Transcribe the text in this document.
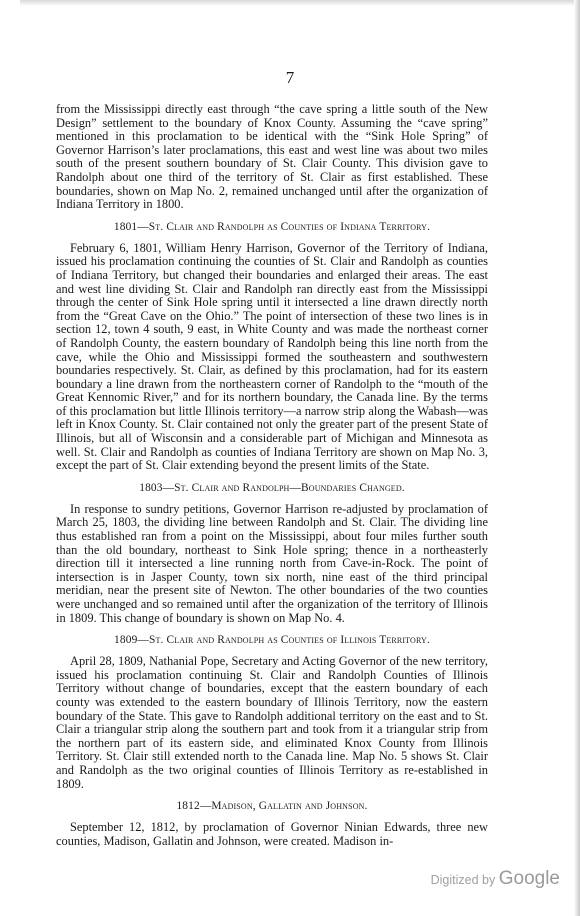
7

from the Mississippi directly east through “the cave spring a little south of the New Design” settlement to the boundary of Knox County. Assuming the “cave spring” mentioned in this proclamation to be identical with the “Sink Hole Spring” of Governor Harrison’s later proclamations, this east and west line was about two miles south of the present southern boundary of St. Clair County. This division gave to Randolph about one third of the territory of St. Clair as first established. These boundaries, shown on Map No. 2, remained unchanged until after the organization of Indiana Territory in 1800.

1801—St. Clair and Randolph as Counties of Indiana Territory.

February 6, 1801, William Henry Harrison, Governor of the Territory of Indiana, issued his proclamation continuing the counties of St. Clair and Randolph as counties of Indiana Territory, but changed their boundaries and enlarged their areas. The east and west line dividing St. Clair and Randolph ran directly east from the Mississippi through the center of Sink Hole spring until it intersected a line drawn directly north from the “Great Cave on the Ohio.” The point of intersection of these two lines is in section 12, town 4 south, 9 east, in White County and was made the northeast corner of Randolph County, the eastern boundary of Randolph being this line north from the cave, while the Ohio and Mississippi formed the southeastern and southwestern boundaries respectively. St. Clair, as defined by this proclamation, had for its eastern boundary a line drawn from the northeastern corner of Randolph to the “mouth of the Great Kennomic River,” and for its northern boundary, the Canada line. By the terms of this proclamation but little Illinois territory—a narrow strip along the Wabash—was left in Knox County. St. Clair contained not only the greater part of the present State of Illinois, but all of Wisconsin and a considerable part of Michigan and Minnesota as well. St. Clair and Randolph as counties of Indiana Territory are shown on Map No. 3, except the part of St. Clair extending beyond the present limits of the State.

1803—St. Clair and Randolph—Boundaries Changed.

In response to sundry petitions, Governor Harrison re-adjusted by proclamation of March 25, 1803, the dividing line between Randolph and St. Clair. The dividing line thus established ran from a point on the Mississippi, about four miles further south than the old boundary, northeast to Sink Hole spring; thence in a northeasterly direction till it intersected a line running north from Cave-in-Rock. The point of intersection is in Jasper County, town six north, nine east of the third principal meridian, near the present site of Newton. The other boundaries of the two counties were unchanged and so remained until after the organization of the territory of Illinois in 1809. This change of boundary is shown on Map No. 4.

1809—St. Clair and Randolph as Counties of Illinois Territory.

April 28, 1809, Nathanial Pope, Secretary and Acting Governor of the new territory, issued his proclamation continuing St. Clair and Randolph Counties of Illinois Territory without change of boundaries, except that the eastern boundary of each county was extended to the eastern boundary of Illinois Territory, now the eastern boundary of the State. This gave to Randolph additional territory on the east and to St. Clair a triangular strip along the southern part and took from it a triangular strip from the northern part of its eastern side, and eliminated Knox County from Illinois Territory. St. Clair still extended north to the Canada line. Map No. 5 shows St. Clair and Randolph as the two original counties of Illinois Territory as re-established in 1809.

1812—Madison, Gallatin and Johnson.

September 12, 1812, by proclamation of Governor Ninian Edwards, three new counties, Madison, Gallatin and Johnson, were created. Madison in-

Digitized by Google
